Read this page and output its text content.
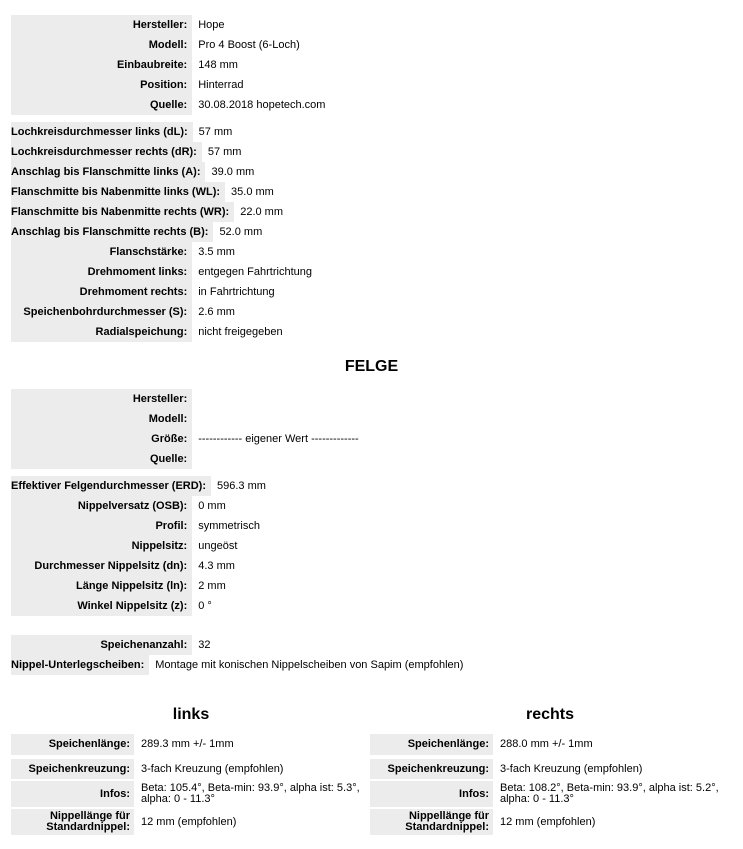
Hersteller:	Hope
Modell:	Pro 4 Boost (6-Loch)
Einbaubreite:	148 mm
Position:	Hinterrad
Quelle:	30.08.2018 hopetech.com
Lochkreisdurchmesser links (dL):	57 mm
Lochkreisdurchmesser rechts (dR):	57 mm
Anschlag bis Flanschmitte links (A):	39.0 mm
Flanschmitte bis Nabenmitte links (WL):	35.0 mm
Flanschmitte bis Nabenmitte rechts (WR):	22.0 mm
Anschlag bis Flanschmitte rechts (B):	52.0 mm
Flanschstärke:	3.5 mm
Drehmoment links:	entgegen Fahrtrichtung
Drehmoment rechts:	in Fahrtrichtung
Speichenbohrdurchmesser (S):	2.6 mm
Radialspeichung:	nicht freigegeben
FELGE
Hersteller:
Modell:
Größe:	------------ eigener Wert -------------
Quelle:
Effektiver Felgendurchmesser (ERD):	596.3 mm
Nippelversatz (OSB):	0 mm
Profil:	symmetrisch
Nippelsitz:	ungeöst
Durchmesser Nippelsitz (dn):	4.3 mm
Länge Nippelsitz (ln):	2 mm
Winkel Nippelsitz (z):	0 °
Speichenanzahl:	32
Nippel-Unterlegscheiben:	Montage mit konischen Nippelscheiben von Sapim (empfohlen)
links
Speichenlänge:	289.3 mm +/- 1mm
Speichenkreuzung:	3-fach Kreuzung (empfohlen)
Infos:	Beta: 105.4°, Beta-min: 93.9°, alpha ist: 5.3°, alpha: 0 - 11.3°
Nippellänge für Standardnippel:	12 mm (empfohlen)
rechts
Speichenlänge:	288.0 mm +/- 1mm
Speichenkreuzung:	3-fach Kreuzung (empfohlen)
Infos:	Beta: 108.2°, Beta-min: 93.9°, alpha ist: 5.2°, alpha: 0 - 11.3°
Nippellänge für Standardnippel:	12 mm (empfohlen)
